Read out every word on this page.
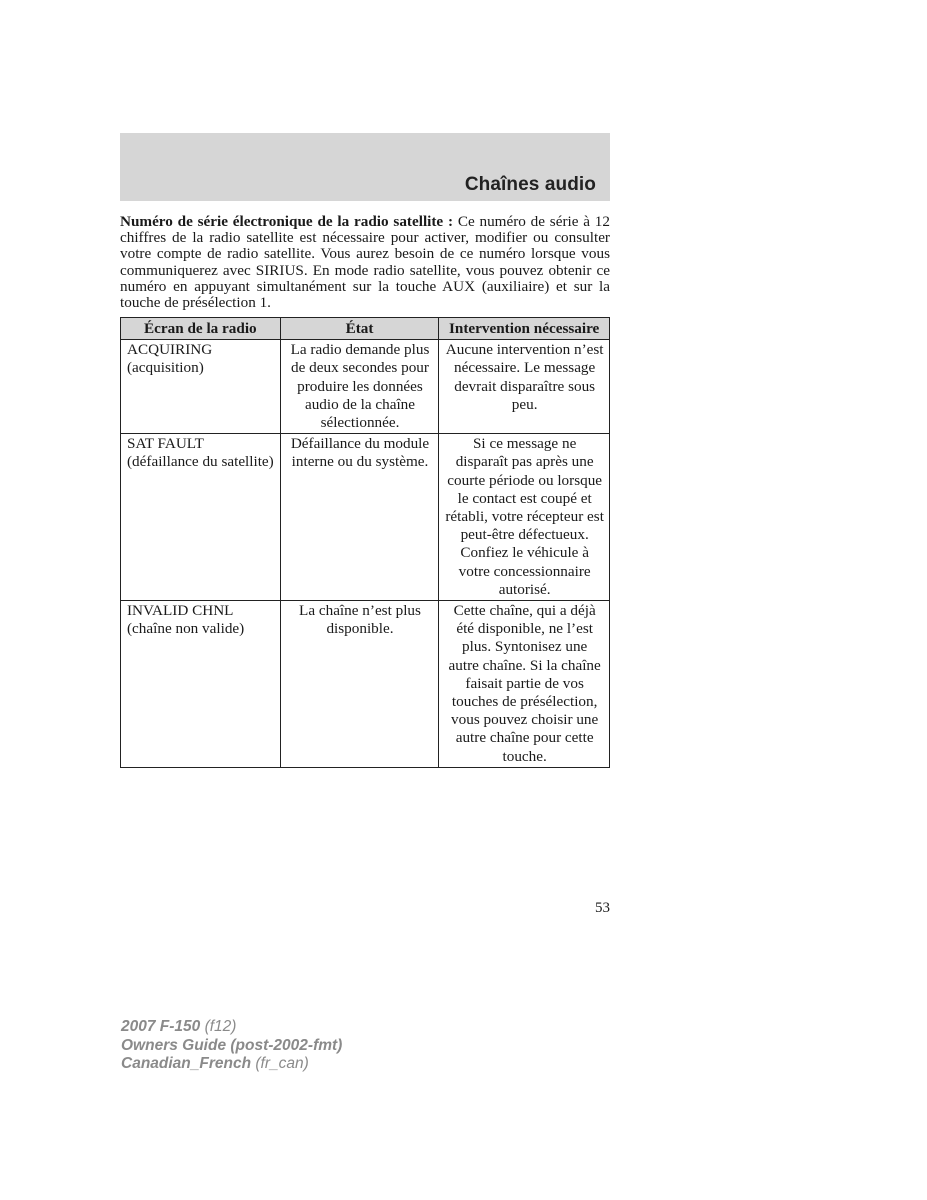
Chaînes audio

Numéro de série électronique de la radio satellite : Ce numéro de série à 12 chiffres de la radio satellite est nécessaire pour activer, modifier ou consulter votre compte de radio satellite. Vous aurez besoin de ce numéro lorsque vous communiquerez avec SIRIUS. En mode radio satellite, vous pouvez obtenir ce numéro en appuyant simultanément sur la touche AUX (auxiliaire) et sur la touche de présélection 1.

Écran de la radio	État	Intervention nécessaire
ACQUIRING (acquisition)	La radio demande plus de deux secondes pour produire les données audio de la chaîne sélectionnée.	Aucune intervention n’est nécessaire. Le message devrait disparaître sous peu.
SAT FAULT (défaillance du satellite)	Défaillance du module interne ou du système.	Si ce message ne disparaît pas après une courte période ou lorsque le contact est coupé et rétabli, votre récepteur est peut-être défectueux. Confiez le véhicule à votre concessionnaire autorisé.
INVALID CHNL (chaîne non valide)	La chaîne n’est plus disponible.	Cette chaîne, qui a déjà été disponible, ne l’est plus. Syntonisez une autre chaîne. Si la chaîne faisait partie de vos touches de présélection, vous pouvez choisir une autre chaîne pour cette touche.
53
2007 F-150 (f12)
Owners Guide (post-2002-fmt)
Canadian_French (fr_can)
